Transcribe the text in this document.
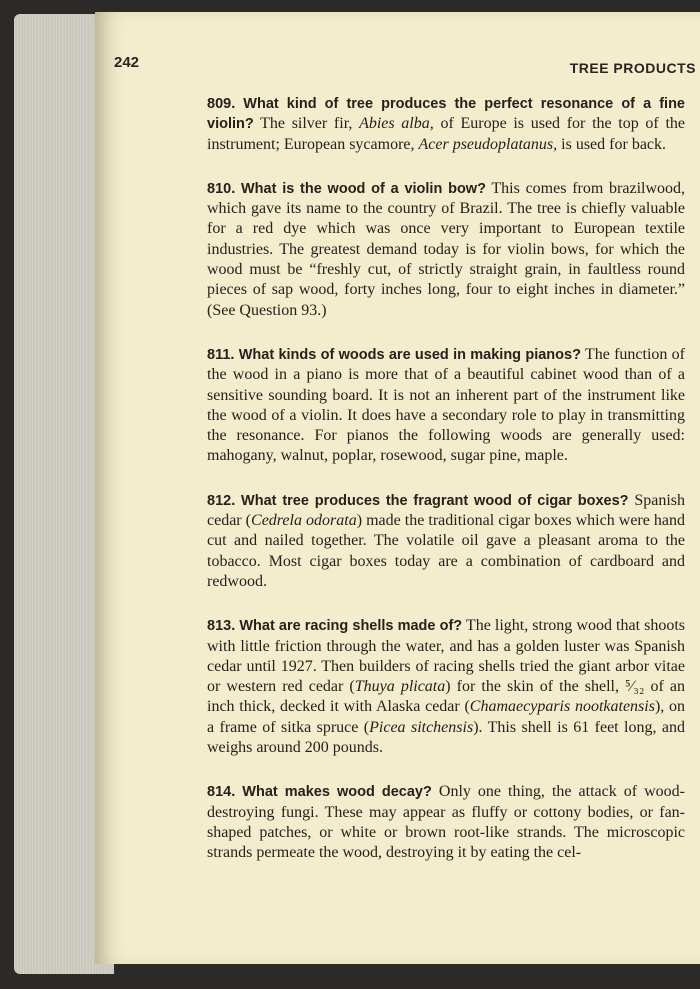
242	TREE PRODUCTS

809. What kind of tree produces the perfect resonance of a fine violin? The silver fir, Abies alba, of Europe is used for the top of the instrument; European sycamore, Acer pseudoplatanus, is used for back.

810. What is the wood of a violin bow? This comes from brazilwood, which gave its name to the country of Brazil. The tree is chiefly valuable for a red dye which was once very important to European textile industries. The greatest demand today is for violin bows, for which the wood must be “freshly cut, of strictly straight grain, in faultless round pieces of sap wood, forty inches long, four to eight inches in diameter.” (See Question 93.)

811. What kinds of woods are used in making pianos? The function of the wood in a piano is more that of a beautiful cabinet wood than of a sensitive sounding board. It is not an inherent part of the instrument like the wood of a violin. It does have a secondary role to play in transmitting the resonance. For pianos the following woods are generally used: mahogany, walnut, poplar, rosewood, sugar pine, maple.

812. What tree produces the fragrant wood of cigar boxes? Spanish cedar (Cedrela odorata) made the traditional cigar boxes which were hand cut and nailed together. The volatile oil gave a pleasant aroma to the tobacco. Most cigar boxes today are a combination of cardboard and redwood.

813. What are racing shells made of? The light, strong wood that shoots with little friction through the water, and has a golden luster was Spanish cedar until 1927. Then builders of racing shells tried the giant arbor vitae or western red cedar (Thuya plicata) for the skin of the shell, ⁵⁄₃₂ of an inch thick, decked it with Alaska cedar (Chamaecyparis nootkatensis), on a frame of sitka spruce (Picea sitchensis). This shell is 61 feet long, and weighs around 200 pounds.

814. What makes wood decay? Only one thing, the attack of wood-destroying fungi. These may appear as fluffy or cottony bodies, or fan-shaped patches, or white or brown root-like strands. The microscopic strands permeate the wood, destroying it by eating the cel-
